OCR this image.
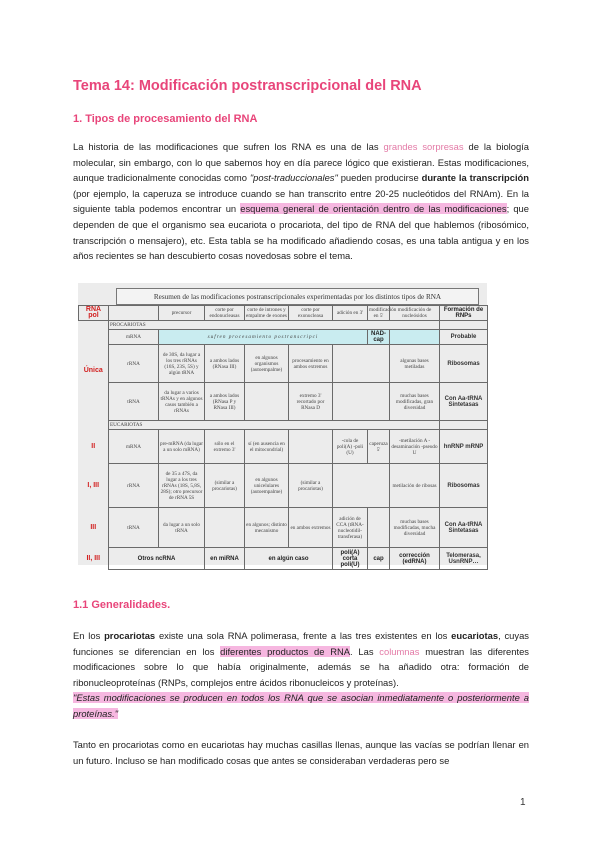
Tema 14: Modificación postranscripcional del RNA
1. Tipos de procesamiento del RNA
La historia de las modificaciones que sufren los RNA es una de las grandes sorpresas de la biología molecular, sin embargo, con lo que sabemos hoy en día parece lógico que existieran. Estas modificaciones, aunque tradicionalmente conocidas como "post-traduccionales" pueden producirse durante la transcripción (por ejemplo, la caperuza se introduce cuando se han transcrito entre 20-25 nucleótidos del RNAm). En la siguiente tabla podemos encontrar un esquema general de orientación dentro de las modificaciones; que dependen de que el organismo sea eucariota o procariota, del tipo de RNA del que hablemos (ribosómico, transcripción o mensajero), etc. Esta tabla se ha modificado añadiendo cosas, es una tabla antigua y en los años recientes se han descubierto cosas novedosas sobre el tema.
Resumen de las modificaciones postranscripcionales experimentadas por los distintos tipos de RNA
RNA pol		precursor	corte por endonucleasas	corte de intrones y empalme de exones	corte por exonucleasa	adición en 3'	modificación en 5'	modificación de nucleósidos	Formación de RNPs
Única	PROCARIOTAS								
	mRNA	sufren procesamiento postranscripci					NAD-cap		Probable
	rRNA	de 30S, da lugar a los tres rRNAs (16S, 23S, 5S) y algún tRNA	a ambos lados (RNasa III)	en algunos organismos (autoempalme)	procesamiento en ambos extremos			algunas bases metiladas	Ribosomas
	tRNA	da lugar a varios tRNAs y en algunos casos también a rRNAs	a ambos lados (RNasa P y RNasa III)		extremo 3' recortado por RNasa D			muchas bases modificadas, gran diversidad	Con Aa-tRNA Sintetasas
	EUCARIOTAS								
II	mRNA	pre-mRNA (da lugar a un solo mRNA)	sólo en el extremo 3'	sí (en ausencia en el mitocondrial)		-cola de poli(A) -poli (U)	caperuza 5'	-metilación A -desaminación -pseudo U	hnRNP mRNP
I, III	rRNA	de 35 a 47S, da lugar a los tres rRNAs (18S, 5,8S, 28S); otro precursor de rRNA 5S	(similar a procariotas)	en algunos unicelulares (autoempalme)	(similar a procariotas)			metilación de ribosas	Ribosomas
III	tRNA	da lugar a un solo tRNA		en algunos; distinto mecanismo	en ambos extremos	adición de CCA (tRNA-nucleotidil-transferasa)		muchas bases modificadas, mucha diversidad	Con Aa-tRNA Sintetasas
II, III	Otros ncRNA		en miRNA	en algún caso		poli(A) corta poli(U)	cap	corrección (edRNA)	Telomerasa, UsnRNP…
1.1 Generalidades.
En los procariotas existe una sola RNA polimerasa, frente a las tres existentes en los eucariotas, cuyas funciones se diferencian en los diferentes productos de RNA. Las columnas muestran las diferentes modificaciones sobre lo que había originalmente, además se ha añadido otra: formación de ribonucleoproteínas (RNPs, complejos entre ácidos ribonucleicos y proteínas).
"Estas modificaciones se producen en todos los RNA que se asocian inmediatamente o posteriormente a proteínas."
Tanto en procariotas como en eucariotas hay muchas casillas llenas, aunque las vacías se podrían llenar en un futuro. Incluso se han modificado cosas que antes se consideraban verdaderas pero se
1
